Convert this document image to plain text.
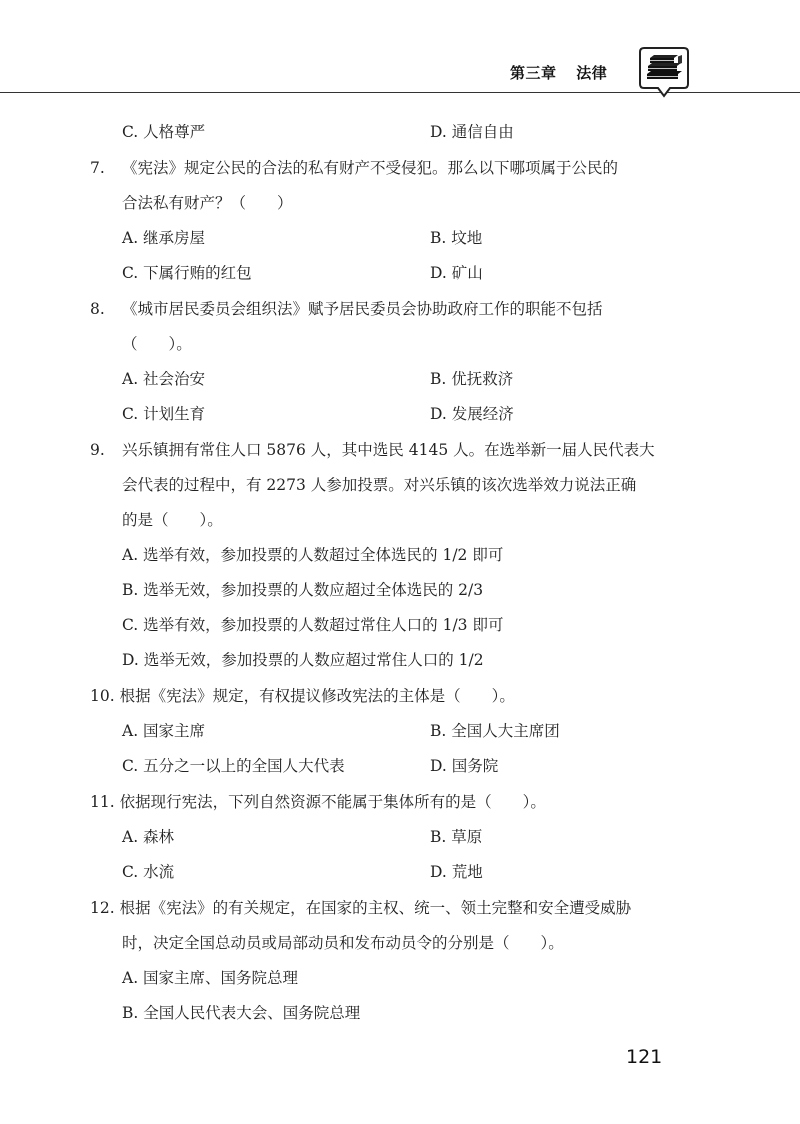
第三章 法律
C. 人格尊严	D. 通信自由
7. 《宪法》规定公民的合法的私有财产不受侵犯。那么以下哪项属于公民的
合法私有财产？（　　）
A. 继承房屋	B. 坟地
C. 下属行贿的红包	D. 矿山
8. 《城市居民委员会组织法》赋予居民委员会协助政府工作的职能不包括
（　　）。
A. 社会治安	B. 优抚救济
C. 计划生育	D. 发展经济
9. 兴乐镇拥有常住人口 5876 人，其中选民 4145 人。在选举新一届人民代表大
会代表的过程中，有 2273 人参加投票。对兴乐镇的该次选举效力说法正确
的是（　　）。
A. 选举有效，参加投票的人数超过全体选民的 1/2 即可
B. 选举无效，参加投票的人数应超过全体选民的 2/3
C. 选举有效，参加投票的人数超过常住人口的 1/3 即可
D. 选举无效，参加投票的人数应超过常住人口的 1/2
10. 根据《宪法》规定，有权提议修改宪法的主体是（　　）。
A. 国家主席	B. 全国人大主席团
C. 五分之一以上的全国人大代表	D. 国务院
11. 依据现行宪法，下列自然资源不能属于集体所有的是（　　）。
A. 森林	B. 草原
C. 水流	D. 荒地
12. 根据《宪法》的有关规定，在国家的主权、统一、领土完整和安全遭受威胁
时，决定全国总动员或局部动员和发布动员令的分别是（　　）。
A. 国家主席、国务院总理
B. 全国人民代表大会、国务院总理
121
